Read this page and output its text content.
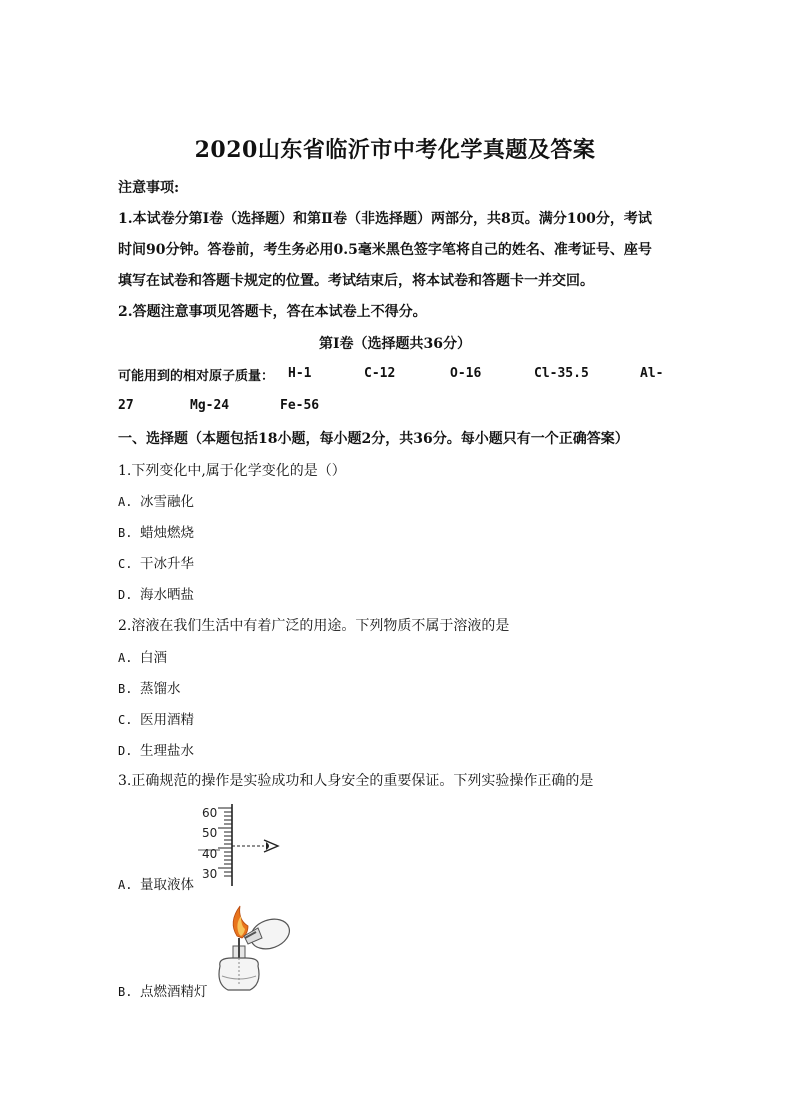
2020山东省临沂市中考化学真题及答案
注意事项:
1.本试卷分第Ⅰ卷（选择题）和第Ⅱ卷（非选择题）两部分，共8页。满分100分，考试
时间90分钟。答卷前，考生务必用0.5毫米黑色签字笔将自己的姓名、准考证号、座号
填写在试卷和答题卡规定的位置。考试结束后，将本试卷和答题卡一并交回。
2.答题注意事项见答题卡，答在本试卷上不得分。
第Ⅰ卷（选择题共36分）
可能用到的相对原子质量： H-1	C-12	O-16	Cl-35.5	Al-
27	Mg-24	Fe-56
一、选择题（本题包括18小题，每小题2分，共36分。每小题只有一个正确答案）
1.下列变化中,属于化学变化的是（）
A. 冰雪融化
B. 蜡烛燃烧
C. 干冰升华
D. 海水晒盐
2.溶液在我们生活中有着广泛的用途。下列物质不属于溶液的是
A. 白酒
B. 蒸馏水
C. 医用酒精
D. 生理盐水
3.正确规范的操作是实验成功和人身安全的重要保证。下列实验操作正确的是
60
50
40
30
A. 量取液体
B. 点燃酒精灯
